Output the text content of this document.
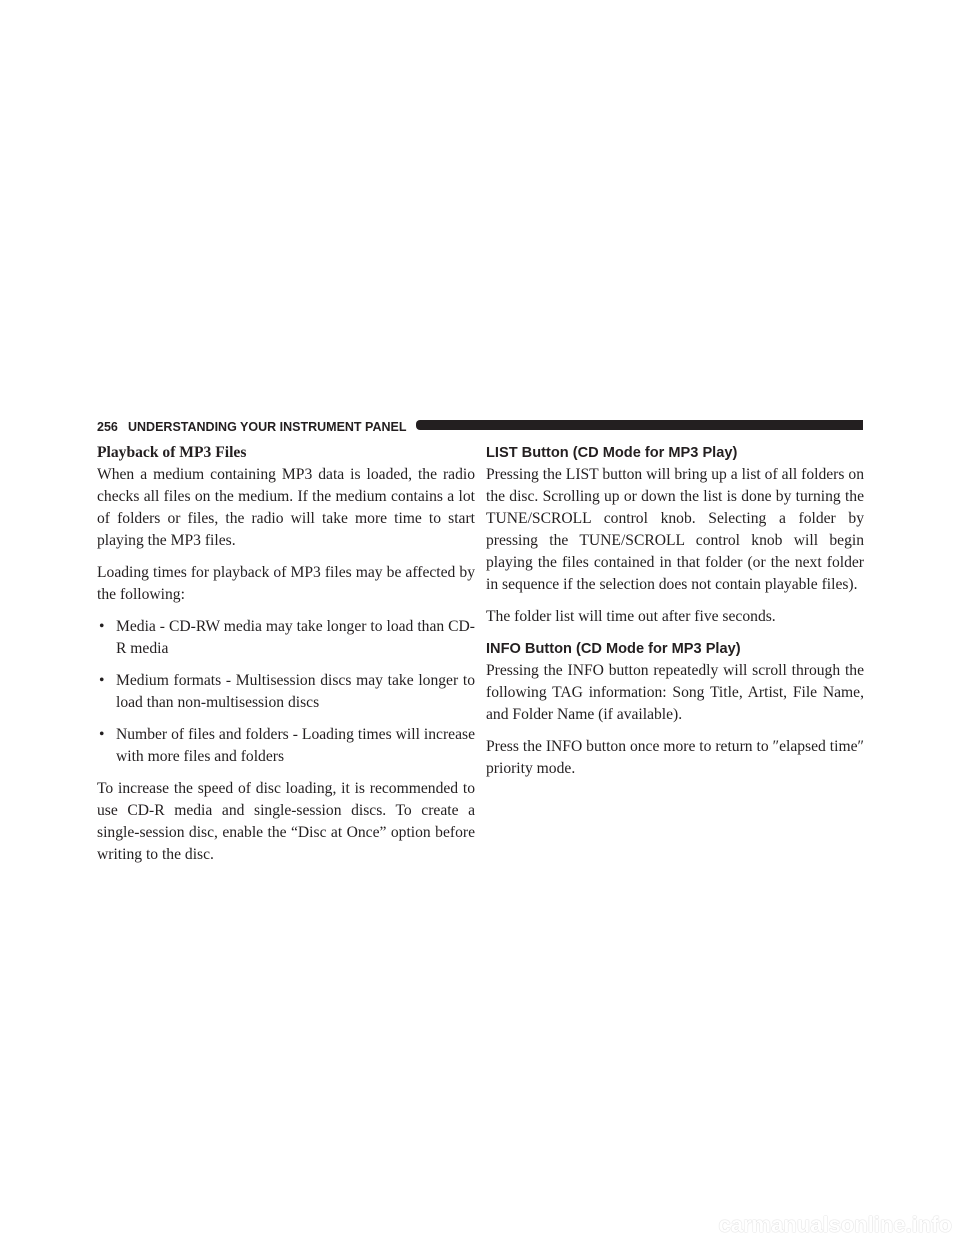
256 UNDERSTANDING YOUR INSTRUMENT PANEL
Playback of MP3 Files

When a medium containing MP3 data is loaded, the radio checks all files on the medium. If the medium contains a lot of folders or files, the radio will take more time to start playing the MP3 files.

Loading times for playback of MP3 files may be affected by the following:

• Media - CD-RW media may take longer to load than CD-R media
• Medium formats - Multisession discs may take longer to load than non-multisession discs
• Number of files and folders - Loading times will increase with more files and folders

To increase the speed of disc loading, it is recommended to use CD-R media and single-session discs. To create a single-session disc, enable the “Disc at Once” option before writing to the disc.

LIST Button (CD Mode for MP3 Play)

Pressing the LIST button will bring up a list of all folders on the disc. Scrolling up or down the list is done by turning the TUNE/SCROLL control knob. Selecting a folder by pressing the TUNE/SCROLL control knob will begin playing the files contained in that folder (or the next folder in sequence if the selection does not contain playable files).

The folder list will time out after five seconds.

INFO Button (CD Mode for MP3 Play)

Pressing the INFO button repeatedly will scroll through the following TAG information: Song Title, Artist, File Name, and Folder Name (if available).

Press the INFO button once more to return to ″elapsed time″ priority mode.

carmanualsonline.info
